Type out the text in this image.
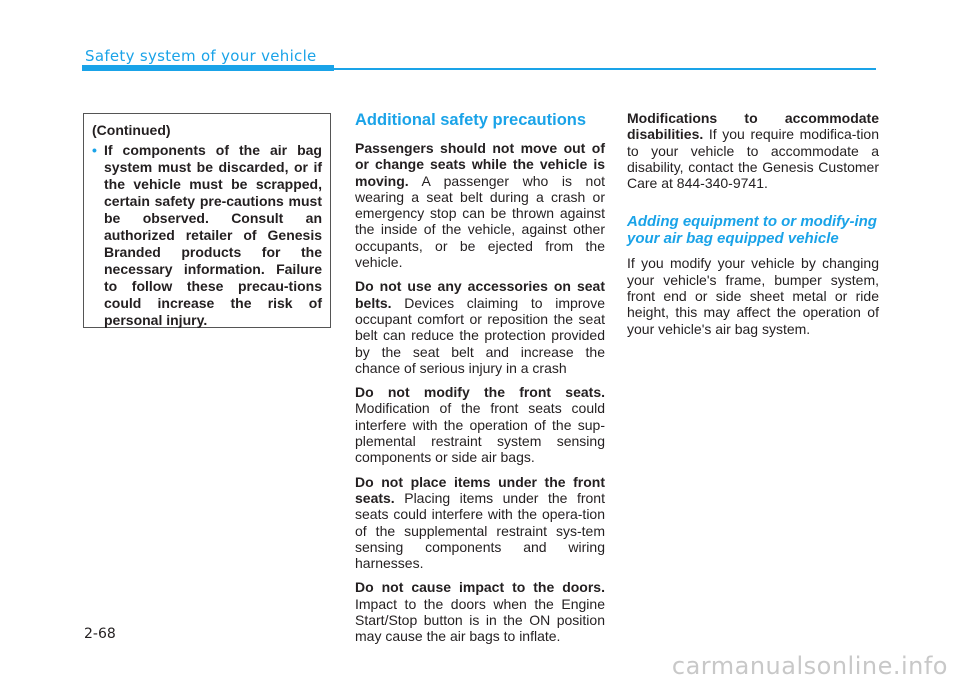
Safety system of your vehicle
(Continued)
• If components of the air bag system must be discarded, or if the vehicle must be scrapped, certain safety pre-cautions must be observed. Consult an authorized retailer of Genesis Branded products for the necessary information. Failure to follow these precau-tions could increase the risk of personal injury.
Additional safety precautions

Passengers should not move out of or change seats while the vehicle is moving. A passenger who is not wearing a seat belt during a crash or emergency stop can be thrown against the inside of the vehicle, against other occupants, or be ejected from the vehicle.

Do not use any accessories on seat belts. Devices claiming to improve occupant comfort or reposition the seat belt can reduce the protection provided by the seat belt and increase the chance of serious injury in a crash

Do not modify the front seats. Modification of the front seats could interfere with the operation of the sup-plemental restraint system sensing components or side air bags.

Do not place items under the front seats. Placing items under the front seats could interfere with the opera-tion of the supplemental restraint sys-tem sensing components and wiring harnesses.

Do not cause impact to the doors. Impact to the doors when the Engine Start/Stop button is in the ON position may cause the air bags to inflate.

Modifications to accommodate disabilities. If you require modifica-tion to your vehicle to accommodate a disability, contact the Genesis Customer Care at 844-340-9741.

Adding equipment to or modify-ing your air bag equipped vehicle

If you modify your vehicle by changing your vehicle's frame, bumper system, front end or side sheet metal or ride height, this may affect the operation of your vehicle's air bag system.

2-68
carmanualsonline.info
